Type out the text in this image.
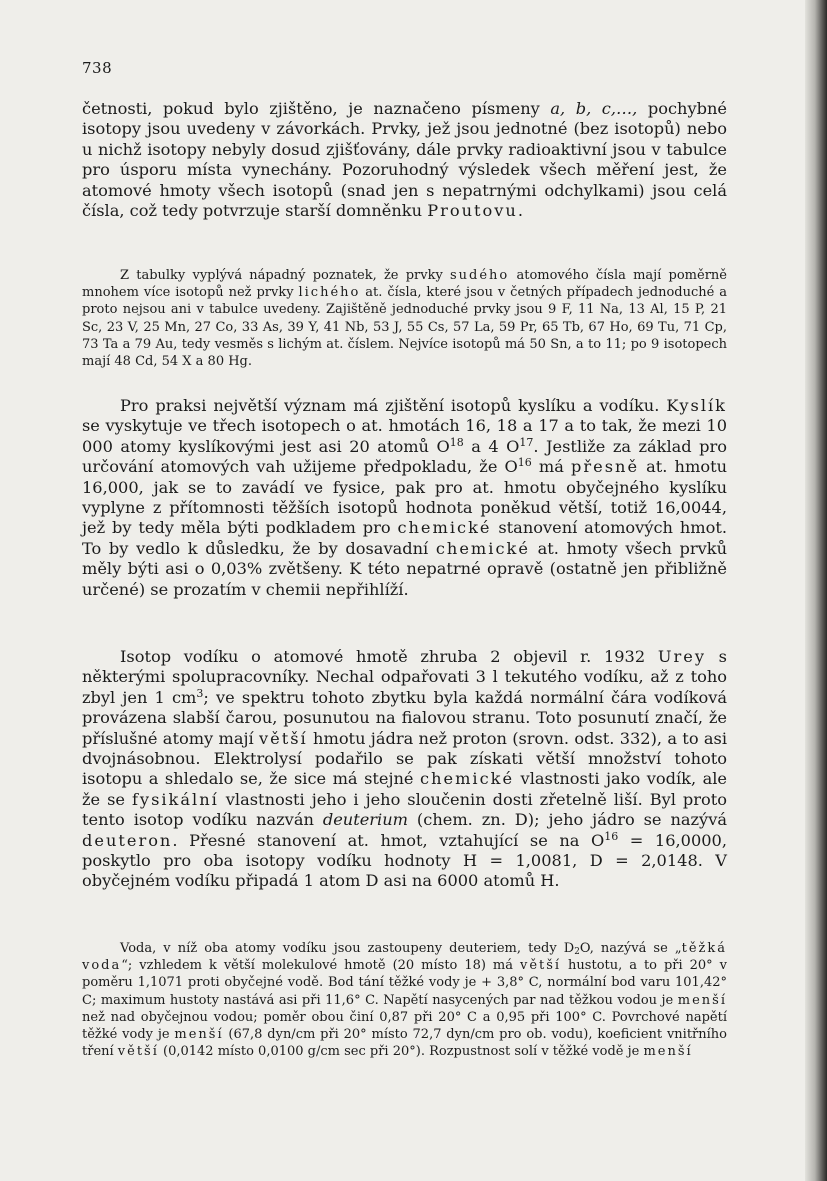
738

četnosti, pokud bylo zjištěno, je naznačeno písmeny a, b, c,…, pochybné isotopy jsou uvedeny v závorkách. Prvky, jež jsou jednotné (bez isotopů) nebo u nichž isotopy nebyly dosud zjišťovány, dále prvky radioaktivní jsou v tabulce pro úsporu místa vynechány. Pozoruhodný výsledek všech měření jest, že atomové hmoty všech isotopů (snad jen s nepatrnými odchylkami) jsou celá čísla, což tedy potvrzuje starší domněnku Proutovu.

Z tabulky vyplývá nápadný poznatek, že prvky sudého atomového čísla mají poměrně mnohem více isotopů než prvky lichého at. čísla, které jsou v četných případech jednoduché a proto nejsou ani v tabulce uvedeny. Zajištěně jednoduché prvky jsou 9 F, 11 Na, 13 Al, 15 P, 21 Sc, 23 V, 25 Mn, 27 Co, 33 As, 39 Y, 41 Nb, 53 J, 55 Cs, 57 La, 59 Pr, 65 Tb, 67 Ho, 69 Tu, 71 Cp, 73 Ta a 79 Au, tedy vesměs s lichým at. číslem. Nejvíce isotopů má 50 Sn, a to 11; po 9 isotopech mají 48 Cd, 54 X a 80 Hg.

Pro praksi největší význam má zjištění isotopů kyslíku a vodíku. Kyslík se vyskytuje ve třech isotopech o at. hmotách 16, 18 a 17 a to tak, že mezi 10 000 atomy kyslíkovými jest asi 20 atomů $O^{18}$ a 4 $O^{17}$. Jestliže za základ pro určování atomových vah užijeme předpokladu, že $O^{16}$ má přesně at. hmotu 16,000, jak se to zavádí ve fysice, pak pro at. hmotu obyčejného kyslíku vyplyne z přítomnosti těžších isotopů hodnota poněkud větší, totiž 16,0044, jež by tedy měla býti podkladem pro chemické stanovení atomových hmot. To by vedlo k důsledku, že by dosavadní chemické at. hmoty všech prvků měly býti asi o 0,03% zvětšeny. K této nepatrné opravě (ostatně jen přibližně určené) se prozatím v chemii nepřihlíží.

Isotop vodíku o atomové hmotě zhruba 2 objevil r. 1932 Urey s některými spolupracovníky. Nechal odpařovati 3 l tekutého vodíku, až z toho zbyl jen 1 $cm^3$; ve spektru tohoto zbytku byla každá normální čára vodíková provázena slabší čarou, posunutou na fialovou stranu. Toto posunutí značí, že příslušné atomy mají větší hmotu jádra než proton (srovn. odst. 332), a to asi dvojnásobnou. Elektrolysí podařilo se pak získati větší množství tohoto isotopu a shledalo se, že sice má stejné chemické vlastnosti jako vodík, ale že se fysikální vlastnosti jeho i jeho sloučenin dosti zřetelně liší. Byl proto tento isotop vodíku nazván deuterium (chem. zn. D); jeho jádro se nazývá deuteron. Přesné stanovení at. hmot, vztahující se na $O^{16} = 16,0000$, poskytlo pro oba isotopy vodíku hodnoty H = 1,0081, D = 2,0148. V obyčejném vodíku připadá 1 atom D asi na 6000 atomů H.

Voda, v níž oba atomy vodíku jsou zastoupeny deuteriem, tedy $D_2O$, nazývá se „těžká voda“; vzhledem k větší molekulové hmotě (20 místo 18) má větší hustotu, a to při 20° v poměru 1,1071 proti obyčejné vodě. Bod tání těžké vody je + 3,8° C, normální bod varu 101,42° C; maximum hustoty nastává asi při 11,6° C. Napětí nasycených par nad těžkou vodou je menší než nad obyčejnou vodou; poměr obou činí 0,87 při 20° C a 0,95 při 100° C. Povrchové napětí těžké vody je menší (67,8 dyn/cm při 20° místo 72,7 dyn/cm pro ob. vodu), koeficient vnitřního tření větší (0,0142 místo 0,0100 g/cm sec při 20°). Rozpustnost solí v těžké vodě je menší
